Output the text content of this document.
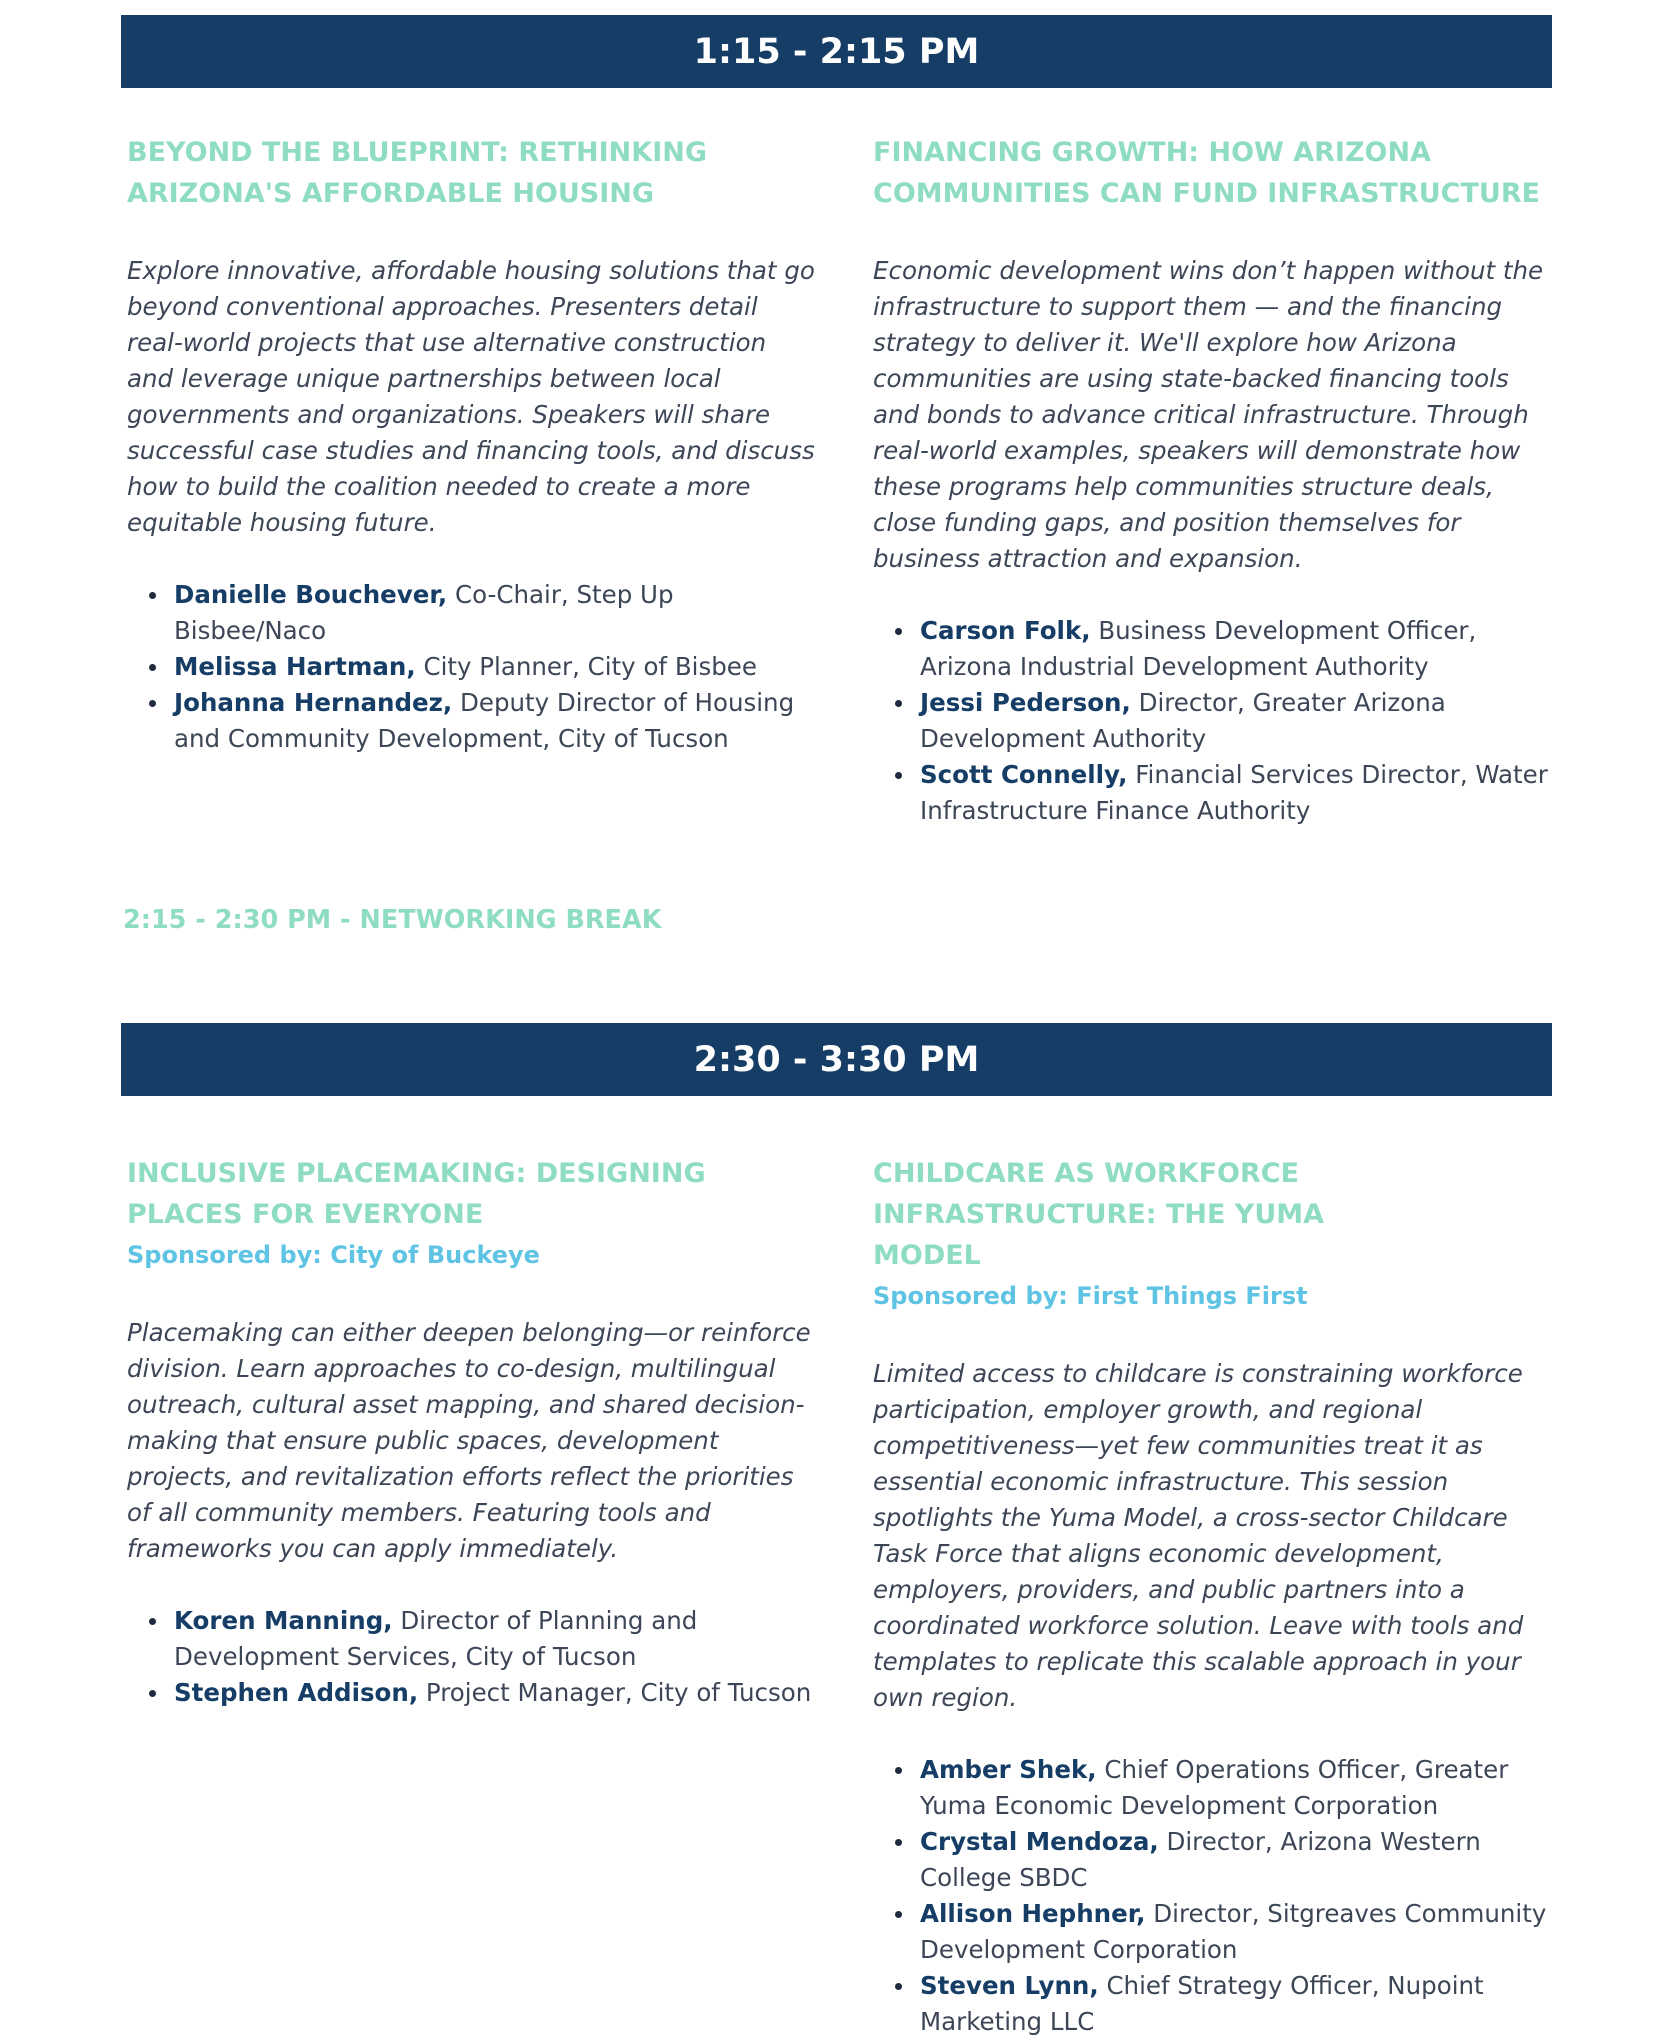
1:15 - 2:15 PM
BEYOND THE BLUEPRINT: RETHINKING ARIZONA'S AFFORDABLE HOUSING

Explore innovative, affordable housing solutions that go beyond conventional approaches. Presenters detail real-world projects that use alternative construction and leverage unique partnerships between local governments and organizations. Speakers will share successful case studies and financing tools, and discuss how to build the coalition needed to create a more equitable housing future.

Danielle Bouchever, Co-Chair, Step Up Bisbee/Naco
Melissa Hartman, City Planner, City of Bisbee
Johanna Hernandez, Deputy Director of Housing and Community Development, City of Tucson
FINANCING GROWTH: HOW ARIZONA COMMUNITIES CAN FUND INFRASTRUCTURE

Economic development wins don’t happen without the infrastructure to support them — and the financing strategy to deliver it. We'll explore how Arizona communities are using state-backed financing tools and bonds to advance critical infrastructure. Through real-world examples, speakers will demonstrate how these programs help communities structure deals, close funding gaps, and position themselves for business attraction and expansion.

Carson Folk, Business Development Officer, Arizona Industrial Development Authority
Jessi Pederson, Director, Greater Arizona Development Authority
Scott Connelly, Financial Services Director, Water Infrastructure Finance Authority
2:15 - 2:30 PM - NETWORKING BREAK
2:30 - 3:30 PM
INCLUSIVE PLACEMAKING: DESIGNING PLACES FOR EVERYONE

Sponsored by: City of Buckeye

Placemaking can either deepen belonging—or reinforce division. Learn approaches to co-design, multilingual outreach, cultural asset mapping, and shared decision-making that ensure public spaces, development projects, and revitalization efforts reflect the priorities of all community members. Featuring tools and frameworks you can apply immediately.

Koren Manning, Director of Planning and Development Services, City of Tucson
Stephen Addison, Project Manager, City of Tucson
CHILDCARE AS WORKFORCE INFRASTRUCTURE: THE YUMA MODEL

Sponsored by: First Things First

Limited access to childcare is constraining workforce participation, employer growth, and regional competitiveness—yet few communities treat it as essential economic infrastructure. This session spotlights the Yuma Model, a cross-sector Childcare Task Force that aligns economic development, employers, providers, and public partners into a coordinated workforce solution. Leave with tools and templates to replicate this scalable approach in your own region.

Amber Shek, Chief Operations Officer, Greater Yuma Economic Development Corporation
Crystal Mendoza, Director, Arizona Western College SBDC
Allison Hephner, Director, Sitgreaves Community Development Corporation
Steven Lynn, Chief Strategy Officer, Nupoint Marketing LLC
